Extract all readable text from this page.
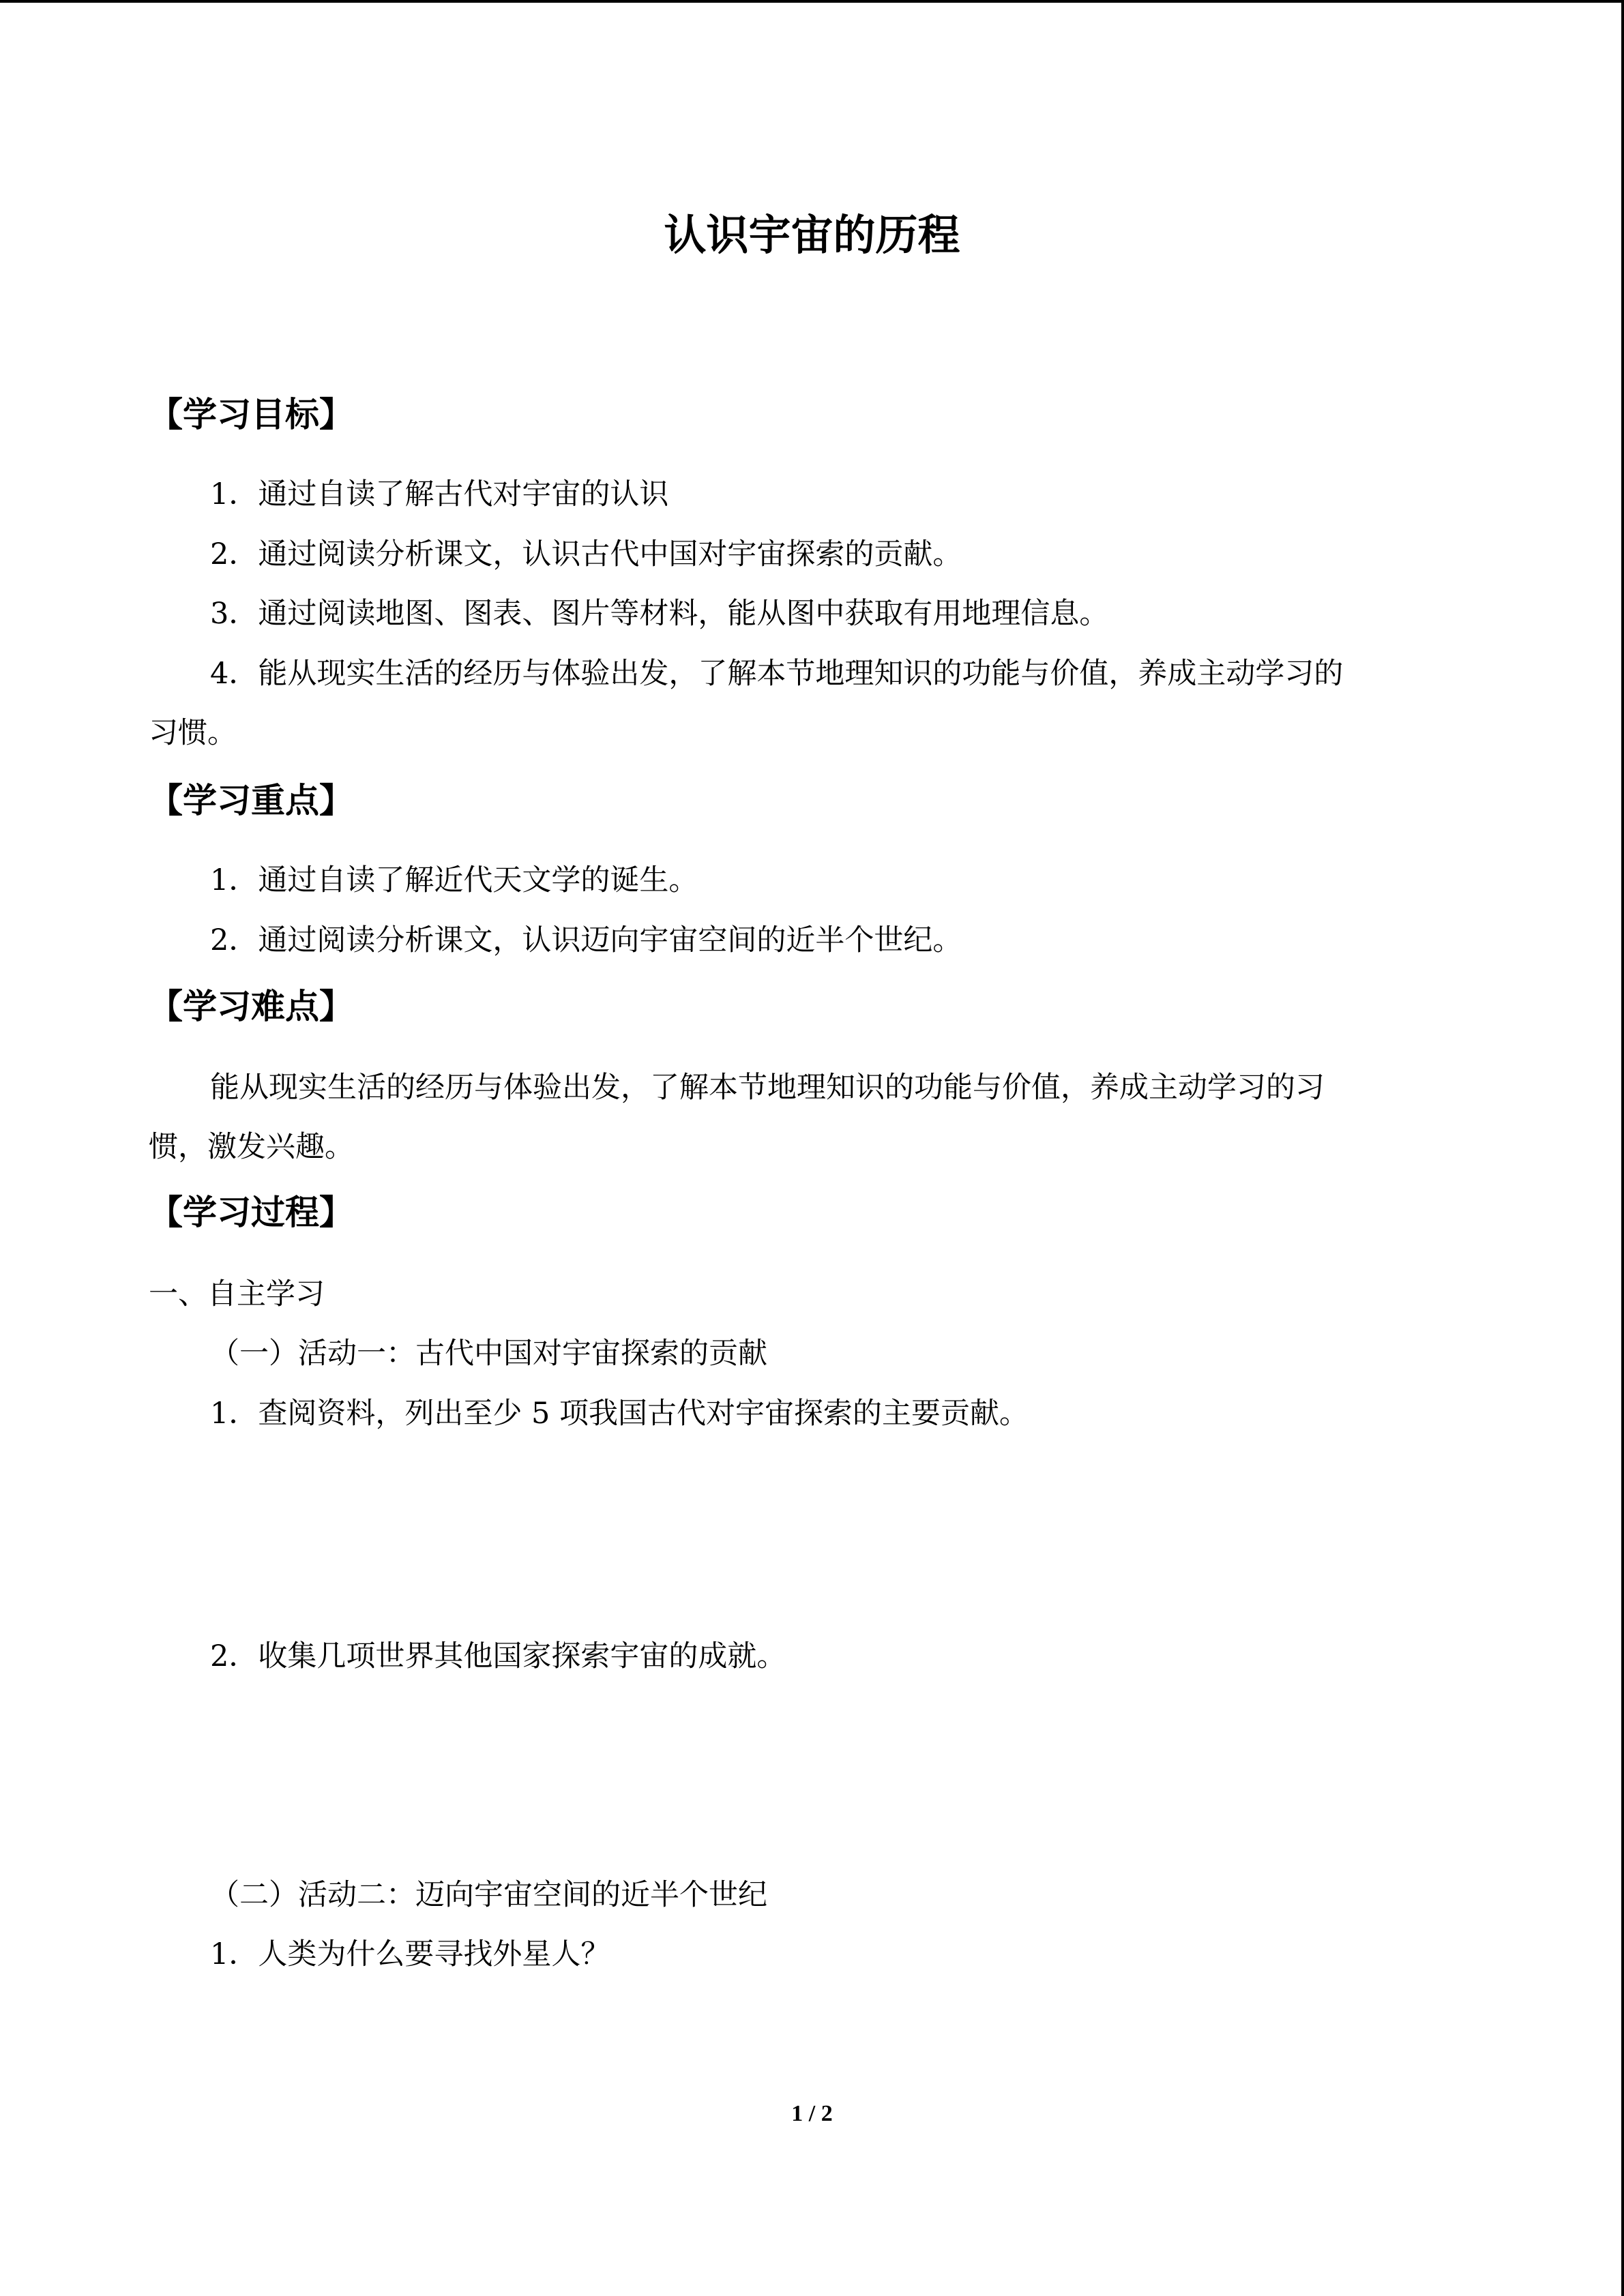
认识宇宙的历程
【学习目标】
1．通过自读了解古代对宇宙的认识
2．通过阅读分析课文，认识古代中国对宇宙探索的贡献。
3．通过阅读地图、图表、图片等材料，能从图中获取有用地理信息。
4．能从现实生活的经历与体验出发，了解本节地理知识的功能与价值，养成主动学习的
习惯。
【学习重点】
1．通过自读了解近代天文学的诞生。
2．通过阅读分析课文，认识迈向宇宙空间的近半个世纪。
【学习难点】
能从现实生活的经历与体验出发，了解本节地理知识的功能与价值，养成主动学习的习
惯，激发兴趣。
【学习过程】
一、自主学习
（一）活动一：古代中国对宇宙探索的贡献
1．查阅资料，列出至少 5 项我国古代对宇宙探索的主要贡献。
2．收集几项世界其他国家探索宇宙的成就。
（二）活动二：迈向宇宙空间的近半个世纪
1．人类为什么要寻找外星人？
1 / 2
